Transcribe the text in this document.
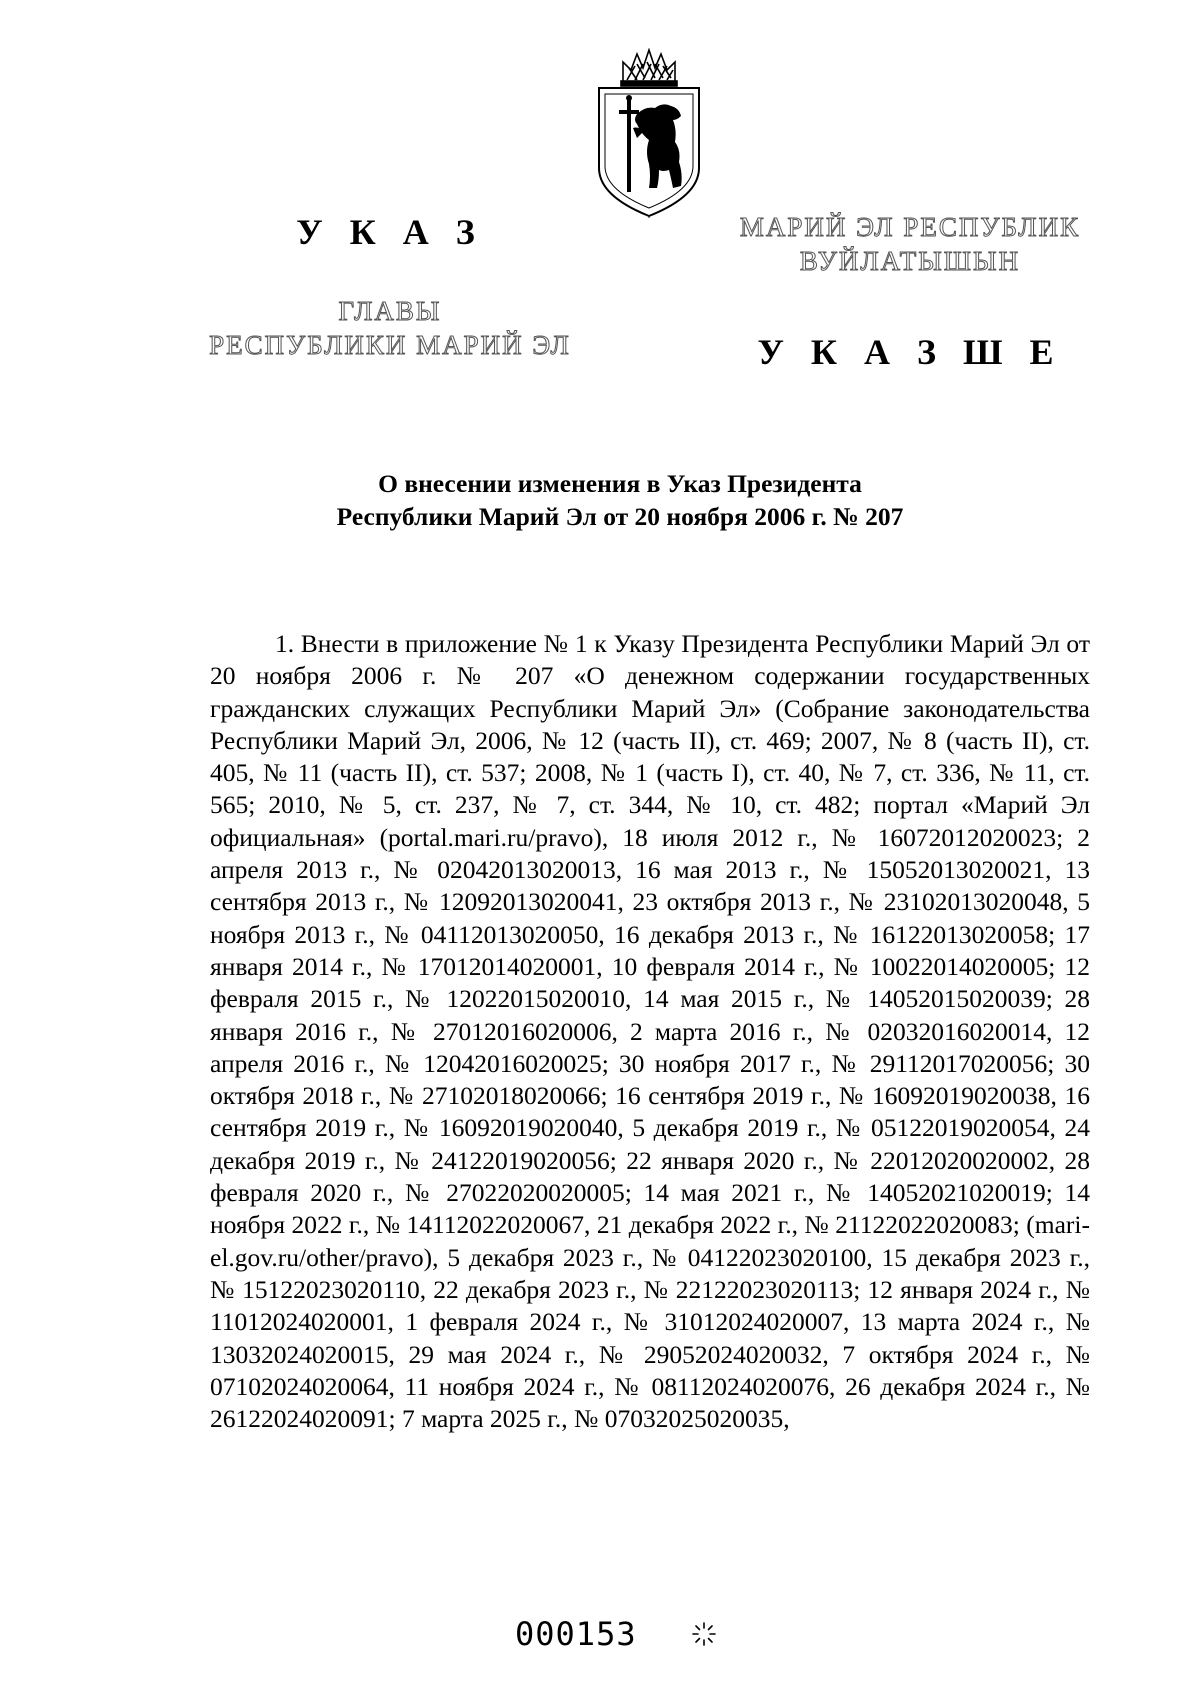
У К А З
ГЛАВЫ
РЕСПУБЛИКИ МАРИЙ ЭЛ
МАРИЙ ЭЛ РЕСПУБЛИК
ВУЙЛАТЫШЫН
У К А З Ш Е
О внесении изменения в Указ Президента
Республики Марий Эл от 20 ноября 2006 г. № 207

1. Внести в приложение № 1 к Указу Президента Республики Марий Эл от 20 ноября 2006 г. № 207 «О денежном содержании государственных гражданских служащих Республики Марий Эл» (Собрание законодательства Республики Марий Эл, 2006, № 12 (часть II), ст. 469; 2007, № 8 (часть II), ст. 405, № 11 (часть II), ст. 537; 2008, № 1 (часть I), ст. 40, № 7, ст. 336, № 11, ст. 565; 2010, № 5, ст. 237, № 7, ст. 344, № 10, ст. 482; портал «Марий Эл официальная» (portal.mari.ru/pravo), 18 июля 2012 г., № 16072012020023; 2 апреля 2013 г., № 02042013020013, 16 мая 2013 г., № 15052013020021, 13 сентября 2013 г., № 12092013020041, 23 октября 2013 г., № 23102013020048, 5 ноября 2013 г., № 04112013020050, 16 декабря 2013 г., № 16122013020058; 17 января 2014 г., № 17012014020001, 10 февраля 2014 г., № 10022014020005; 12 февраля 2015 г., № 12022015020010, 14 мая 2015 г., № 14052015020039; 28 января 2016 г., № 27012016020006, 2 марта 2016 г., № 02032016020014, 12 апреля 2016 г., № 12042016020025; 30 ноября 2017 г., № 29112017020056; 30 октября 2018 г., № 27102018020066; 16 сентября 2019 г., № 16092019020038, 16 сентября 2019 г., № 16092019020040, 5 декабря 2019 г., № 05122019020054, 24 декабря 2019 г., № 24122019020056; 22 января 2020 г., № 22012020020002, 28 февраля 2020 г., № 27022020020005; 14 мая 2021 г., № 14052021020019; 14 ноября 2022 г., № 14112022020067, 21 декабря 2022 г., № 21122022020083; (mari-el.gov.ru/other/pravo), 5 декабря 2023 г., № 04122023020100, 15 декабря 2023 г., № 15122023020110, 22 декабря 2023 г., № 22122023020113; 12 января 2024 г., № 11012024020001, 1 февраля 2024 г., № 31012024020007, 13 марта 2024 г., № 13032024020015, 29 мая 2024 г., № 29052024020032, 7 октября 2024 г., № 07102024020064, 11 ноября 2024 г., № 08112024020076, 26 декабря 2024 г., № 26122024020091; 7 марта 2025 г., № 07032025020035,

000153
